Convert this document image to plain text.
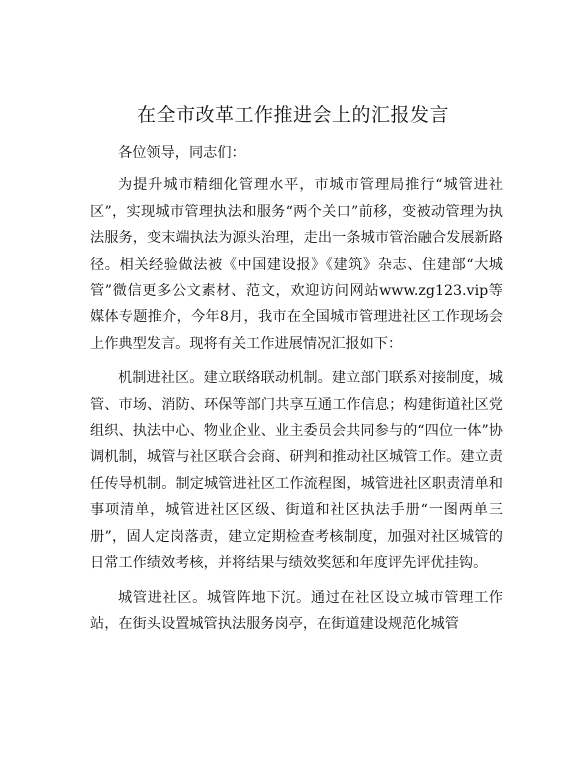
在全市改革工作推进会上的汇报发言

各位领导，同志们：

为提升城市精细化管理水平，市城市管理局推行“城管进社区”，实现城市管理执法和服务“两个关口”前移，变被动管理为执法服务，变末端执法为源头治理，走出一条城市管治融合发展新路径。相关经验做法被《中国建设报》《建筑》杂志、住建部“大城管”微信更多公文素材、范文，欢迎访问网站www.zg123.vip等媒体专题推介，今年8月，我市在全国城市管理进社区工作现场会上作典型发言。现将有关工作进展情况汇报如下：

机制进社区。建立联络联动机制。建立部门联系对接制度，城管、市场、消防、环保等部门共享互通工作信息；构建街道社区党组织、执法中心、物业企业、业主委员会共同参与的“四位一体”协调机制，城管与社区联合会商、研判和推动社区城管工作。建立责任传导机制。制定城管进社区工作流程图，城管进社区职责清单和事项清单，城管进社区区级、街道和社区执法手册“一图两单三册”，固人定岗落责，建立定期检查考核制度，加强对社区城管的日常工作绩效考核，并将结果与绩效奖惩和年度评先评优挂钩。

城管进社区。城管阵地下沉。通过在社区设立城市管理工作站，在街头设置城管执法服务岗亭，在街道建设规范化城管
